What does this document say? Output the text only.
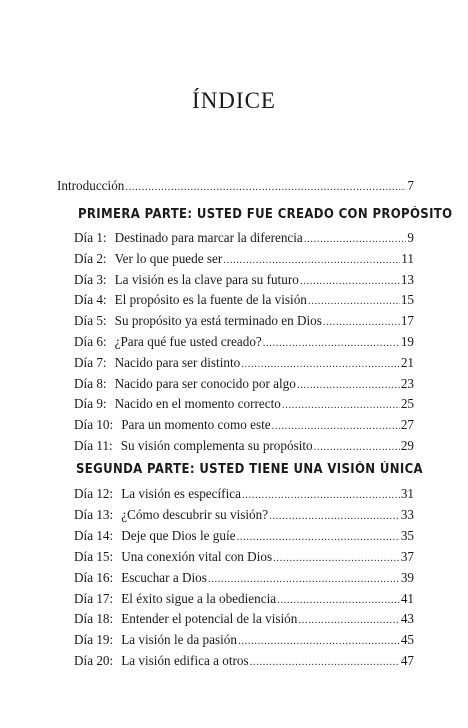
ÍNDICE
Introducción .....	7
PRIMERA PARTE: USTED FUE CREADO CON PROPÓSITO
Día 1: Destinado para marcar la diferencia .....	9
Día 2: Ver lo que puede ser .....	11
Día 3: La visión es la clave para su futuro .....	13
Día 4: El propósito es la fuente de la visión .....	15
Día 5: Su propósito ya está terminado en Dios .....	17
Día 6: ¿Para qué fue usted creado? .....	19
Día 7: Nacido para ser distinto .....	21
Día 8: Nacido para ser conocido por algo .....	23
Día 9: Nacido en el momento correcto .....	25
Día 10: Para un momento como este .....	27
Día 11: Su visión complementa su propósito .....	29
SEGUNDA PARTE: USTED TIENE UNA VISIÓN ÚNICA
Día 12: La visión es específica .....	31
Día 13: ¿Cómo descubrir su visión? .....	33
Día 14: Deje que Dios le guíe .....	35
Día 15: Una conexión vital con Dios .....	37
Día 16: Escuchar a Dios .....	39
Día 17: El éxito sigue a la obediencia .....	41
Día 18: Entender el potencial de la visión .....	43
Día 19: La visión le da pasión .....	45
Día 20: La visión edifica a otros .....	47
